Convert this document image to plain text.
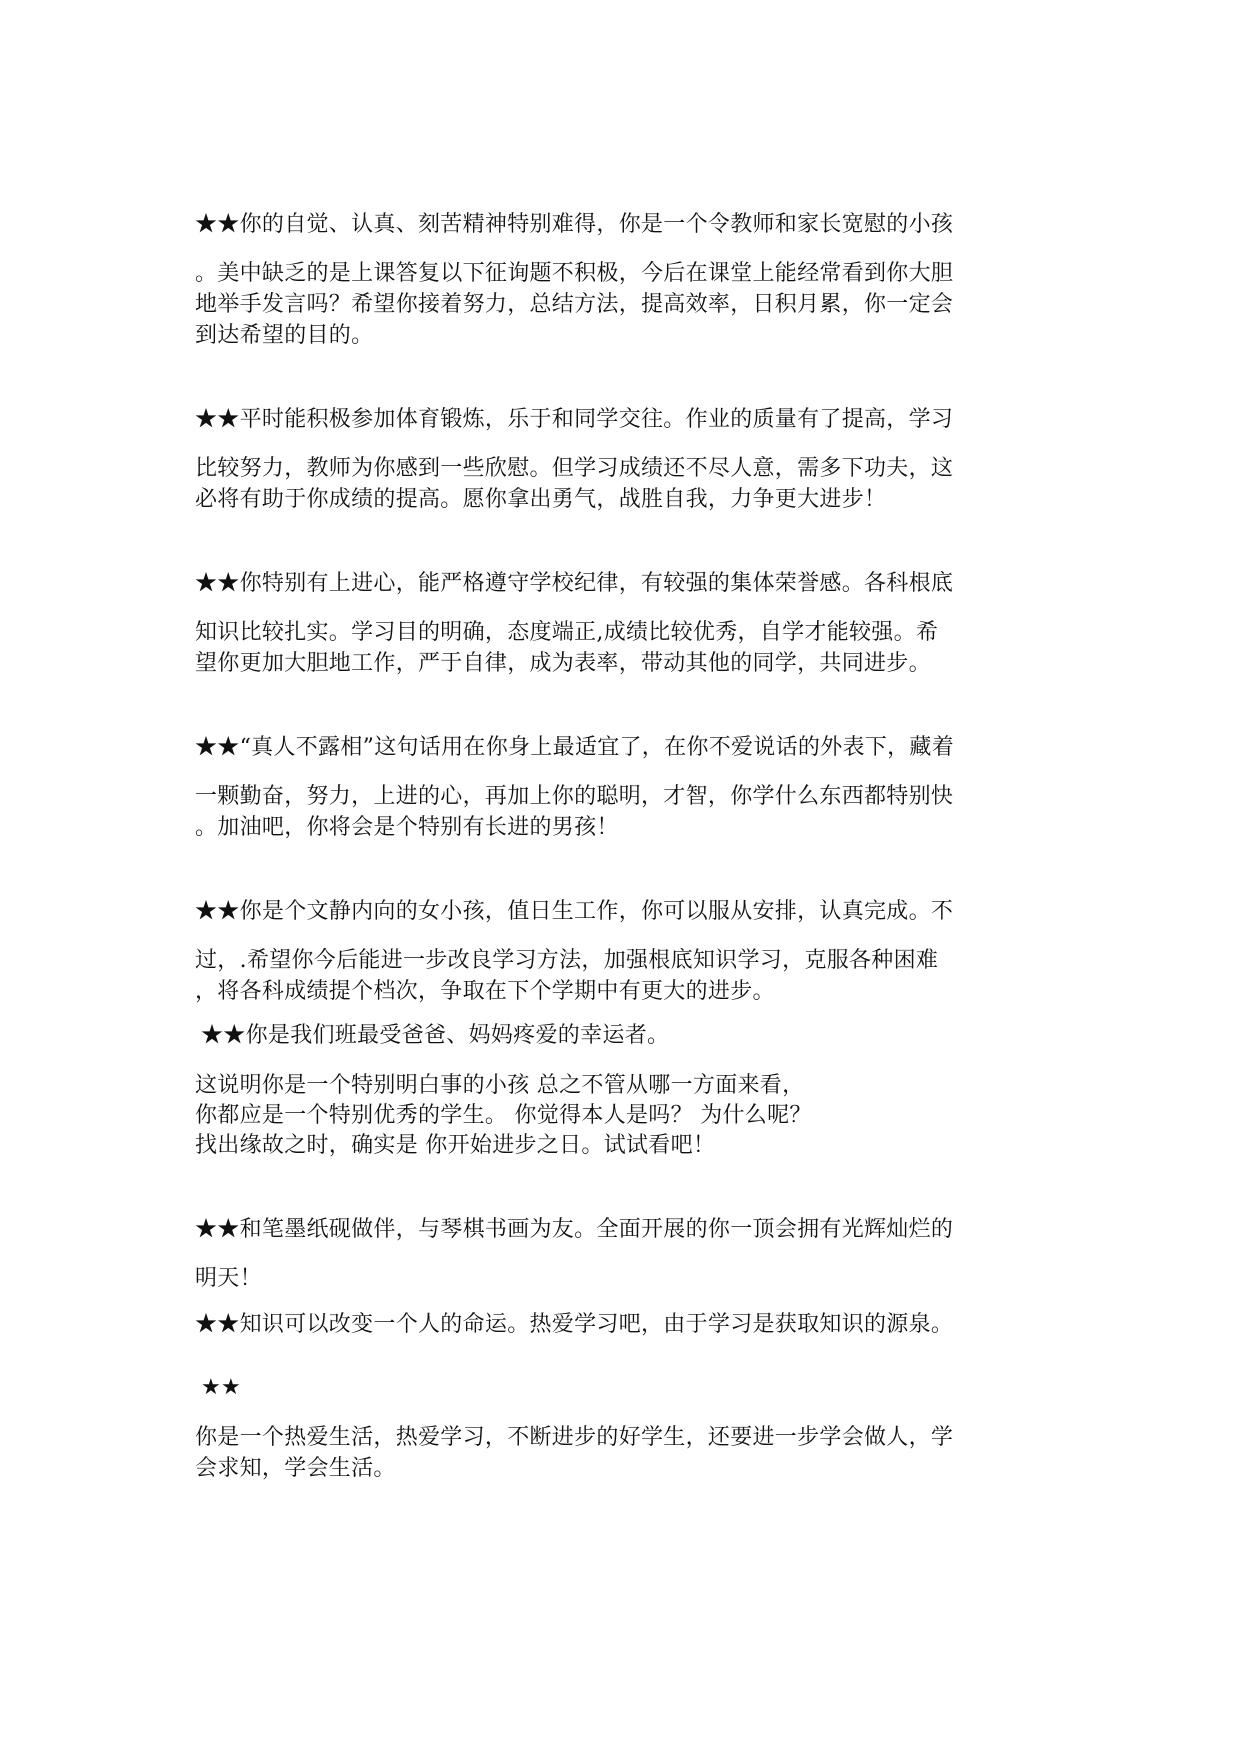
★★你的自觉、认真、刻苦精神特别难得，你是一个令教师和家长宽慰的小孩
。美中缺乏的是上课答复以下征询题不积极，今后在课堂上能经常看到你大胆
地举手发言吗？希望你接着努力，总结方法，提高效率，日积月累，你一定会
到达希望的目的。
★★平时能积极参加体育锻炼，乐于和同学交往。作业的质量有了提高，学习
比较努力，教师为你感到一些欣慰。但学习成绩还不尽人意，需多下功夫，这
必将有助于你成绩的提高。愿你拿出勇气，战胜自我，力争更大进步！
★★你特别有上进心，能严格遵守学校纪律，有较强的集体荣誉感。各科根底
知识比较扎实。学习目的明确，态度端正,成绩比较优秀，自学才能较强。希
望你更加大胆地工作，严于自律，成为表率，带动其他的同学，共同进步。
★★“真人不露相”这句话用在你身上最适宜了，在你不爱说话的外表下，藏着
一颗勤奋，努力，上进的心，再加上你的聪明，才智，你学什么东西都特别快
。加油吧，你将会是个特别有长进的男孩！
★★你是个文静内向的女小孩，值日生工作，你可以服从安排，认真完成。不
过，.希望你今后能进一步改良学习方法，加强根底知识学习，克服各种困难
，将各科成绩提个档次，争取在下个学期中有更大的进步。
★★你是我们班最受爸爸、妈妈疼爱的幸运者。
这说明你是一个特别明白事的小孩 总之不管从哪一方面来看，
你都应是一个特别优秀的学生。 你觉得本人是吗？ 为什么呢？
找出缘故之时，确实是 你开始进步之日。试试看吧！
★★和笔墨纸砚做伴，与琴棋书画为友。全面开展的你一顶会拥有光辉灿烂的
明天！
★★知识可以改变一个人的命运。热爱学习吧，由于学习是获取知识的源泉。
★★
你是一个热爱生活，热爱学习，不断进步的好学生，还要进一步学会做人，学
会求知，学会生活。
